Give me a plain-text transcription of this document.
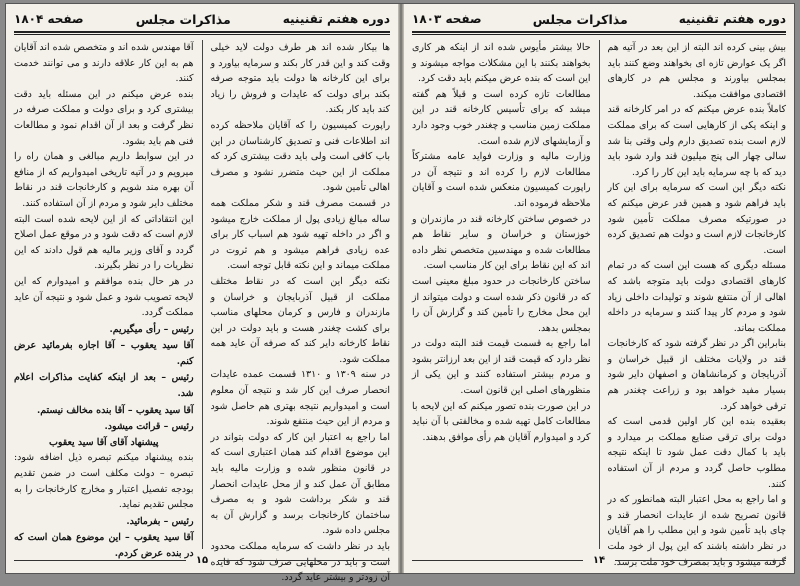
دوره هفتم تقنینیه
مذاکرات مجلس
صفحه ۱۸۰۴

ها بیکار شده اند هر طرف دولت لاید خیلی وقت کند و این قدر کار بکند و سرمایه بیاورد و برای این کارخانه ها دولت باید متوجه صرفه بکند برای دولت که عایدات و فروش را زیاد کند باید کار بکند.

راپورت کمیسیون را که آقایان ملاحظه کرده اند اطلاعات فنی و تصدیق کارشناسان در این باب کافی است ولی باید دقت بیشتری کرد که مملکت از این حیث متضرر نشود و مصرف اهالی تأمین شود.

در قسمت مصرف قند و شکر مملکت همه ساله مبالغ زیادی پول از مملکت خارج میشود و اگر در داخله تهیه شود هم اسباب کار برای عده زیادی فراهم میشود و هم ثروت در مملکت میماند و این نکته قابل توجه است.

نکته دیگر این است که در نقاط مختلف مملکت از قبیل آذربایجان و خراسان و مازندران و فارس و کرمان محلهای مناسب برای کشت چغندر هست و باید دولت در این نقاط کارخانه دایر کند که صرفه آن عاید همه مملکت شود.

در سنه ۱۳۰۹ و ۱۳۱۰ قسمت عمده عایدات انحصار صرف این کار شد و نتیجه آن معلوم است و امیدواریم نتیجه بهتری هم حاصل شود و مردم از این حیث منتفع شوند.

اما راجع به اعتبار این کار که دولت بتواند در این موضوع اقدام کند همان اعتباری است که در قانون منظور شده و وزارت مالیه باید مطابق آن عمل کند و از محل عایدات انحصار قند و شکر برداشت شود و به مصرف ساختمان کارخانجات برسد و گزارش آن به مجلس داده شود.

باید در نظر داشت که سرمایه مملکت محدود است و باید در محلهایی صرف شود که فایده آن زودتر و بیشتر عاید گردد.

آقا مهندس شده اند و متخصص شده اند آقایان هم به این کار علاقه دارند و می توانند خدمت کنند.

بنده عرض میکنم در این مسئله باید دقت بیشتری کرد و برای دولت و مملکت صرفه در نظر گرفت و بعد از آن اقدام نمود و مطالعات فنی هم باید بشود.

در این سوابط داریم مبالغی و همان راه را میرویم و در آتیه تاریخی امیدواریم که از منافع آن بهره مند شویم و کارخانجات قند در نقاط مختلف دایر شود و مردم از آن استفاده کنند.

این انتقاداتی که از این لایحه شده است البته لازم است که دقت شود و در موقع عمل اصلاح گردد و آقای وزیر مالیه هم قول دادند که این نظریات را در نظر بگیرند.

در هر حال بنده موافقم و امیدوارم که این لایحه تصویب شود و عمل شود و نتیجه آن عاید مملکت گردد.

رئیس – رأی میگیریم.

آقا سید یعقوب – آقا اجازه بفرمائید عرض کنم.

رئیس – بعد از اینکه کفایت مذاکرات اعلام شد.

آقا سید یعقوب – آقا بنده مخالف نیستم.

رئیس – قرائت میشود.

پیشنهاد آقای آقا سید یعقوب

بنده پیشنهاد میکنم تبصره ذیل اضافه شود: تبصره – دولت مکلف است در ضمن تقدیم بودجه تفصیل اعتبار و مخارج کارخانجات را به مجلس تقدیم نماید.

رئیس – بفرمائید.

آقا سید یعقوب – این موضوع همان است که در بنده عرض کردم.

۱۵
دوره هفتم تقنینیه
مذاکرات مجلس
صفحه ۱۸۰۳

بیش بینی کرده اند البته از این بعد در آتیه هم اگر یک عوارض تازه ای بخواهند وضع کنند باید بمجلس بیاورند و مجلس هم در کارهای اقتصادی موافقت میکند.

کاملاً بنده عرض میکنم که در امر کارخانه قند و اینکه یکی از کارهایی است که برای مملکت لازم است بنده تصدیق دارم ولی وقتی بنا شد سالی چهار الی پنج میلیون قند وارد شود باید دید که با چه سرمایه باید این کار را کرد.

نکته دیگر این است که سرمایه برای این کار باید فراهم شود و همین قدر عرض میکنم که در صورتیکه مصرف مملکت تأمین شود کارخانجات لازم است و دولت هم تصدیق کرده است.

مسئله دیگری که هست این است که در تمام کارهای اقتصادی دولت باید متوجه باشد که اهالی از آن منتفع شوند و تولیدات داخلی زیاد شود و مردم کار پیدا کنند و سرمایه در داخله مملکت بماند.

بنابراین اگر در نظر گرفته شود که کارخانجات قند در ولایات مختلف از قبیل خراسان و آذربایجان و کرمانشاهان و اصفهان دایر شود بسیار مفید خواهد بود و زراعت چغندر هم ترقی خواهد کرد.

بعقیده بنده این کار اولین قدمی است که دولت برای ترقی صنایع مملکت بر میدارد و باید با کمال دقت عمل شود تا اینکه نتیجه مطلوب حاصل گردد و مردم از آن استفاده کنند.

و اما راجع به محل اعتبار البته همانطور که در قانون تصریح شده از عایدات انحصار قند و چای باید تأمین شود و این مطلب را هم آقایان در نظر داشته باشند که این پول از خود ملت گرفته میشود و باید بمصرف خود ملت برسد.

حالا بیشتر مأیوس شده اند از اینکه هر کاری بخواهند بکنند با این مشکلات مواجه میشوند و این است که بنده عرض میکنم باید دقت کرد.

مطالعات تازه کرده است و قبلاً هم گفته میشد که برای تأسیس کارخانه قند در این مملکت زمین مناسب و چغندر خوب وجود دارد و آزمایشهای لازم شده است.

وزارت مالیه و وزارت فواید عامه مشترکاً مطالعات لازم را کرده اند و نتیجه آن در راپورت کمیسیون منعکس شده است و آقایان ملاحظه فرموده اند.

در خصوص ساختن کارخانه قند در مازندران و خوزستان و خراسان و سایر نقاط هم مطالعات شده و مهندسین متخصص نظر داده اند که این نقاط برای این کار مناسب است.

ساختن کارخانجات در حدود مبلغ معینی است که در قانون ذکر شده است و دولت میتواند از این محل مخارج را تأمین کند و گزارش آن را بمجلس بدهد.

اما راجع به قسمت قیمت قند البته دولت در نظر دارد که قیمت قند از این بعد ارزانتر بشود و مردم بیشتر استفاده کنند و این یکی از منظورهای اصلی این قانون است.

در این صورت بنده تصور میکنم که این لایحه با مطالعات کامل تهیه شده و مخالفتی با آن نباید کرد و امیدوارم آقایان هم رأی موافق بدهند.

۱۴
